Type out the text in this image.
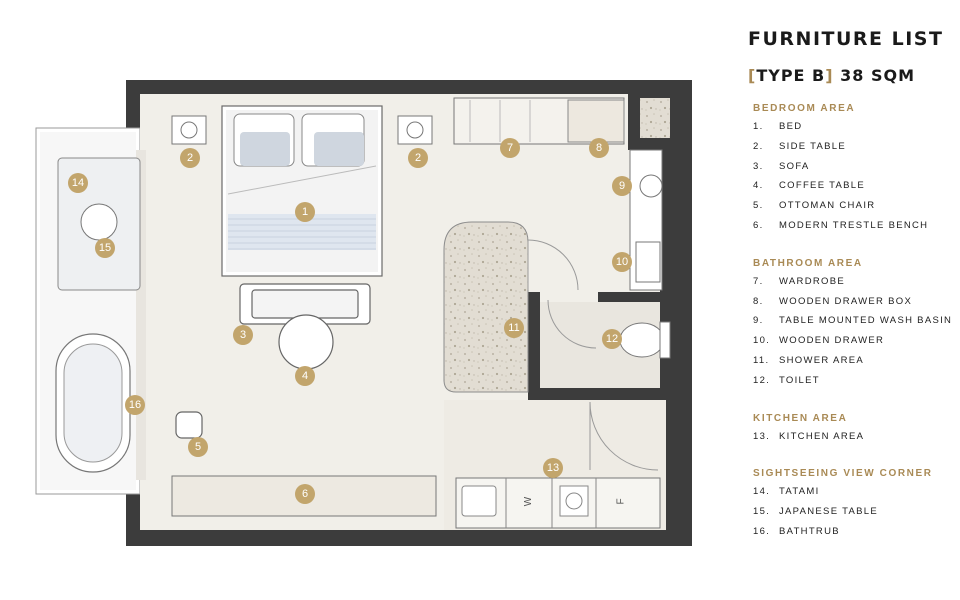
W	F
1
2	2
3
4
5
6
7	8
9
10
11
12
13
14
15
16
FURNITURE LIST
[TYPE B] 38 SQM
BEDROOM AREA
1. BED
2. SIDE TABLE
3. SOFA
4. COFFEE TABLE
5. OTTOMAN CHAIR
6. MODERN TRESTLE BENCH
BATHROOM AREA
7. WARDROBE
8. WOODEN DRAWER BOX
9. TABLE MOUNTED WASH BASIN
10. WOODEN DRAWER
11. SHOWER AREA
12. TOILET
KITCHEN AREA
13. KITCHEN AREA
SIGHTSEEING VIEW CORNER
14. TATAMI
15. JAPANESE TABLE
16. BATHTRUB
